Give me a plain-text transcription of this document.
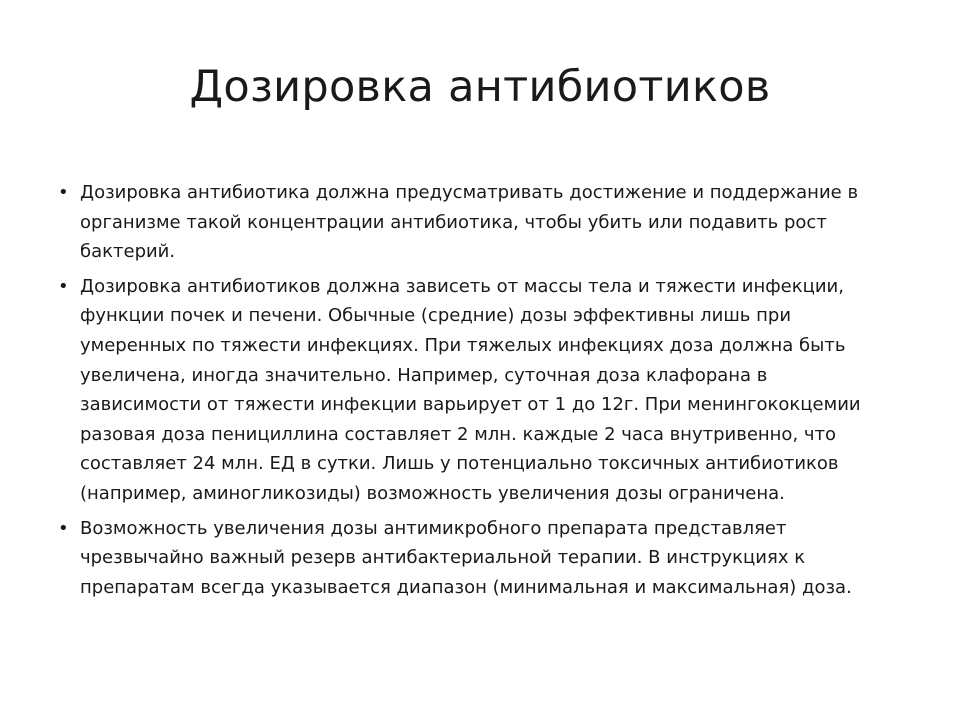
Дозировка антибиотиков
• Дозировка антибиотика должна предусматривать достижение и поддержание в
организме такой концентрации антибиотика, чтобы убить или подавить рост
бактерий.
• Дозировка антибиотиков должна зависеть от массы тела и тяжести инфекции,
функции почек и печени. Обычные (средние) дозы эффективны лишь при
умеренных по тяжести инфекциях. При тяжелых инфекциях доза должна быть
увеличена, иногда значительно. Например, суточная доза клафорана в
зависимости от тяжести инфекции варьирует от 1 до 12г. При менингококцемии
разовая доза пенициллина составляет 2 млн. каждые 2 часа внутривенно, что
составляет 24 млн. ЕД в сутки. Лишь у потенциально токсичных антибиотиков
(например, аминогликозиды) возможность увеличения дозы ограничена.
• Возможность увеличения дозы антимикробного препарата представляет
чрезвычайно важный резерв антибактериальной терапии. В инструкциях к
препаратам всегда указывается диапазон (минимальная и максимальная) доза.
